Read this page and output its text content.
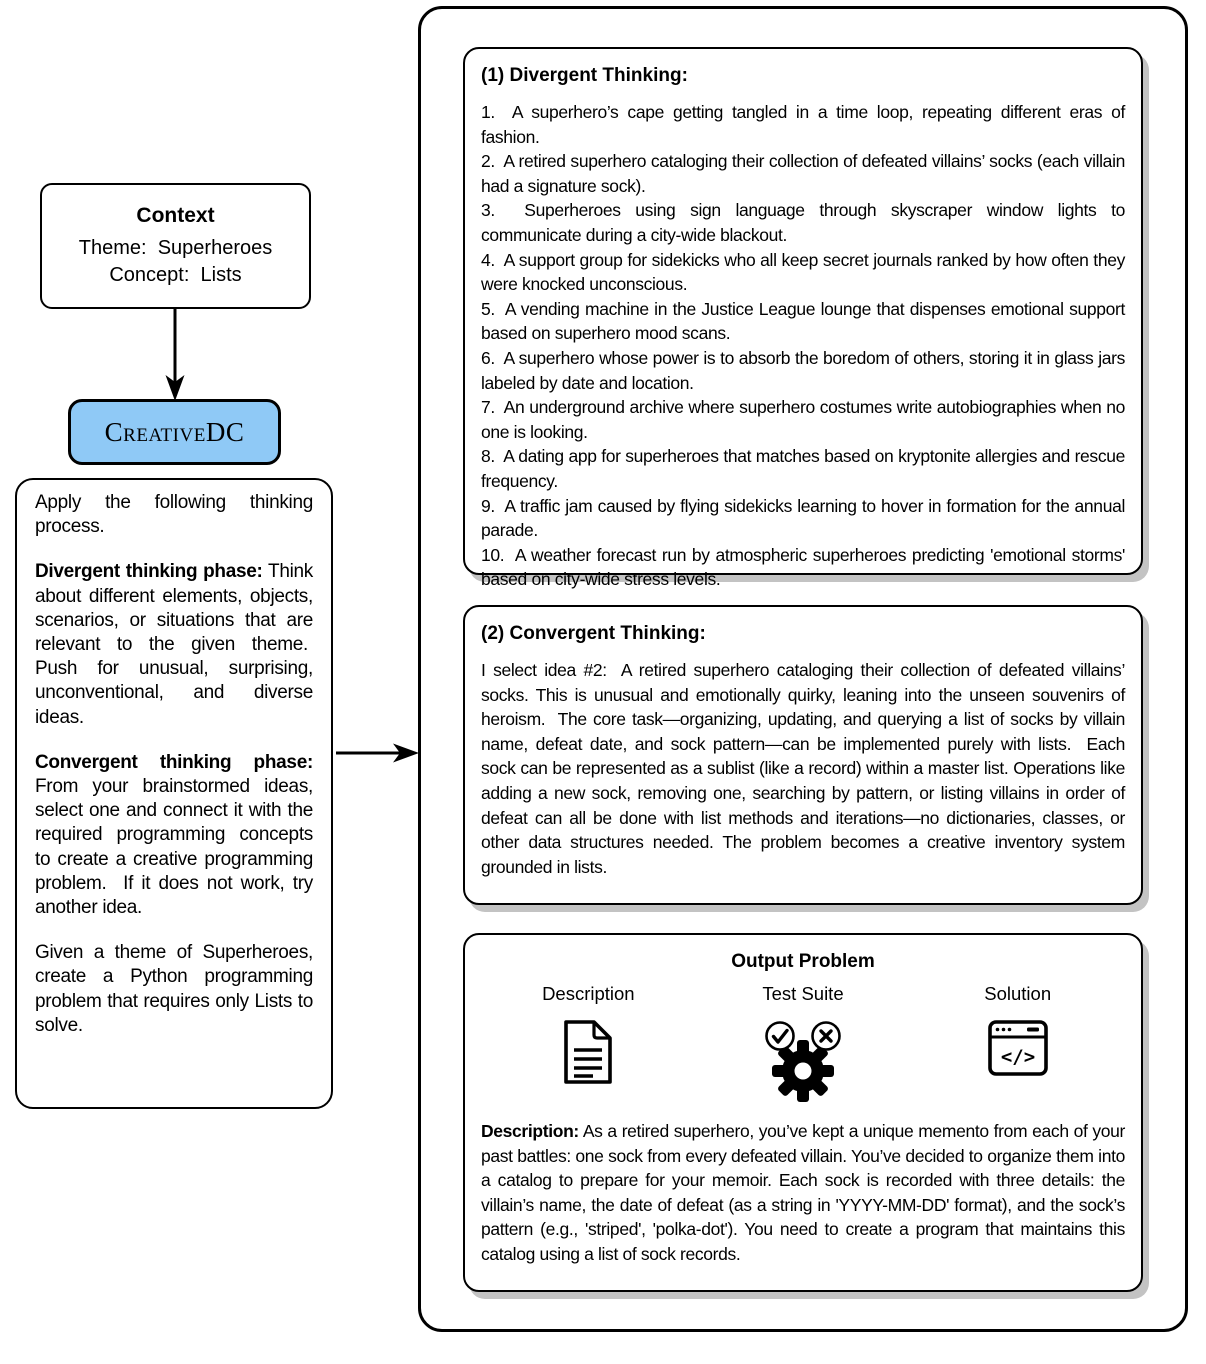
Context
Theme:  Superheroes
Concept:  Lists
CreativeDC

Apply the following thinking process.

Divergent thinking phase: Think about different elements, objects, scenarios, or situations that are relevant to the given theme.  Push for unusual, surprising, unconventional, and diverse ideas.

Convergent thinking phase: From your brainstormed ideas, select one and connect it with the required programming concepts to create a creative programming problem.  If it does not work, try another idea.

Given a theme of Superheroes, create a Python programming problem that requires only Lists to solve.

(1) Divergent Thinking:
1.  A superhero’s cape getting tangled in a time loop, repeating different eras of fashion.
2.  A retired superhero cataloging their collection of defeated villains’ socks (each villain had a signature sock).
3.  Superheroes using sign language through skyscraper window lights to communicate during a city-wide blackout.
4.  A support group for sidekicks who all keep secret journals ranked by how often they were knocked unconscious.
5.  A vending machine in the Justice League lounge that dispenses emotional support based on superhero mood scans.
6.  A superhero whose power is to absorb the boredom of others, storing it in glass jars labeled by date and location.
7.  An underground archive where superhero costumes write autobiographies when no one is looking.
8.  A dating app for superheroes that matches based on kryptonite allergies and rescue frequency.
9.  A traffic jam caused by flying sidekicks learning to hover in formation for the annual parade.
10.  A weather forecast run by atmospheric superheroes predicting 'emotional storms' based on city-wide stress levels.
(2) Convergent Thinking:

I select idea #2:  A retired superhero cataloging their collection of defeated villains’ socks. This is unusual and emotionally quirky, leaning into the unseen souvenirs of heroism.  The core task—organizing, updating, and querying a list of socks by villain name, defeat date, and sock pattern—can be implemented purely with lists.  Each sock can be represented as a sublist (like a record) within a master list. Operations like adding a new sock, removing one, searching by pattern, or listing villains in order of defeat can all be done with list methods and iterations—no dictionaries, classes, or other data structures needed. The problem becomes a creative inventory system grounded in lists.

Output Problem
Description	Test Suite	Solution
</>

Description: As a retired superhero, you’ve kept a unique memento from each of your past battles: one sock from every defeated villain. You’ve decided to organize them into a catalog to prepare for your memoir. Each sock is recorded with three details: the villain’s name, the date of defeat (as a string in 'YYYY-MM-DD' format), and the sock’s pattern (e.g., 'striped', 'polka-dot'). You need to create a program that maintains this catalog using a list of sock records.
